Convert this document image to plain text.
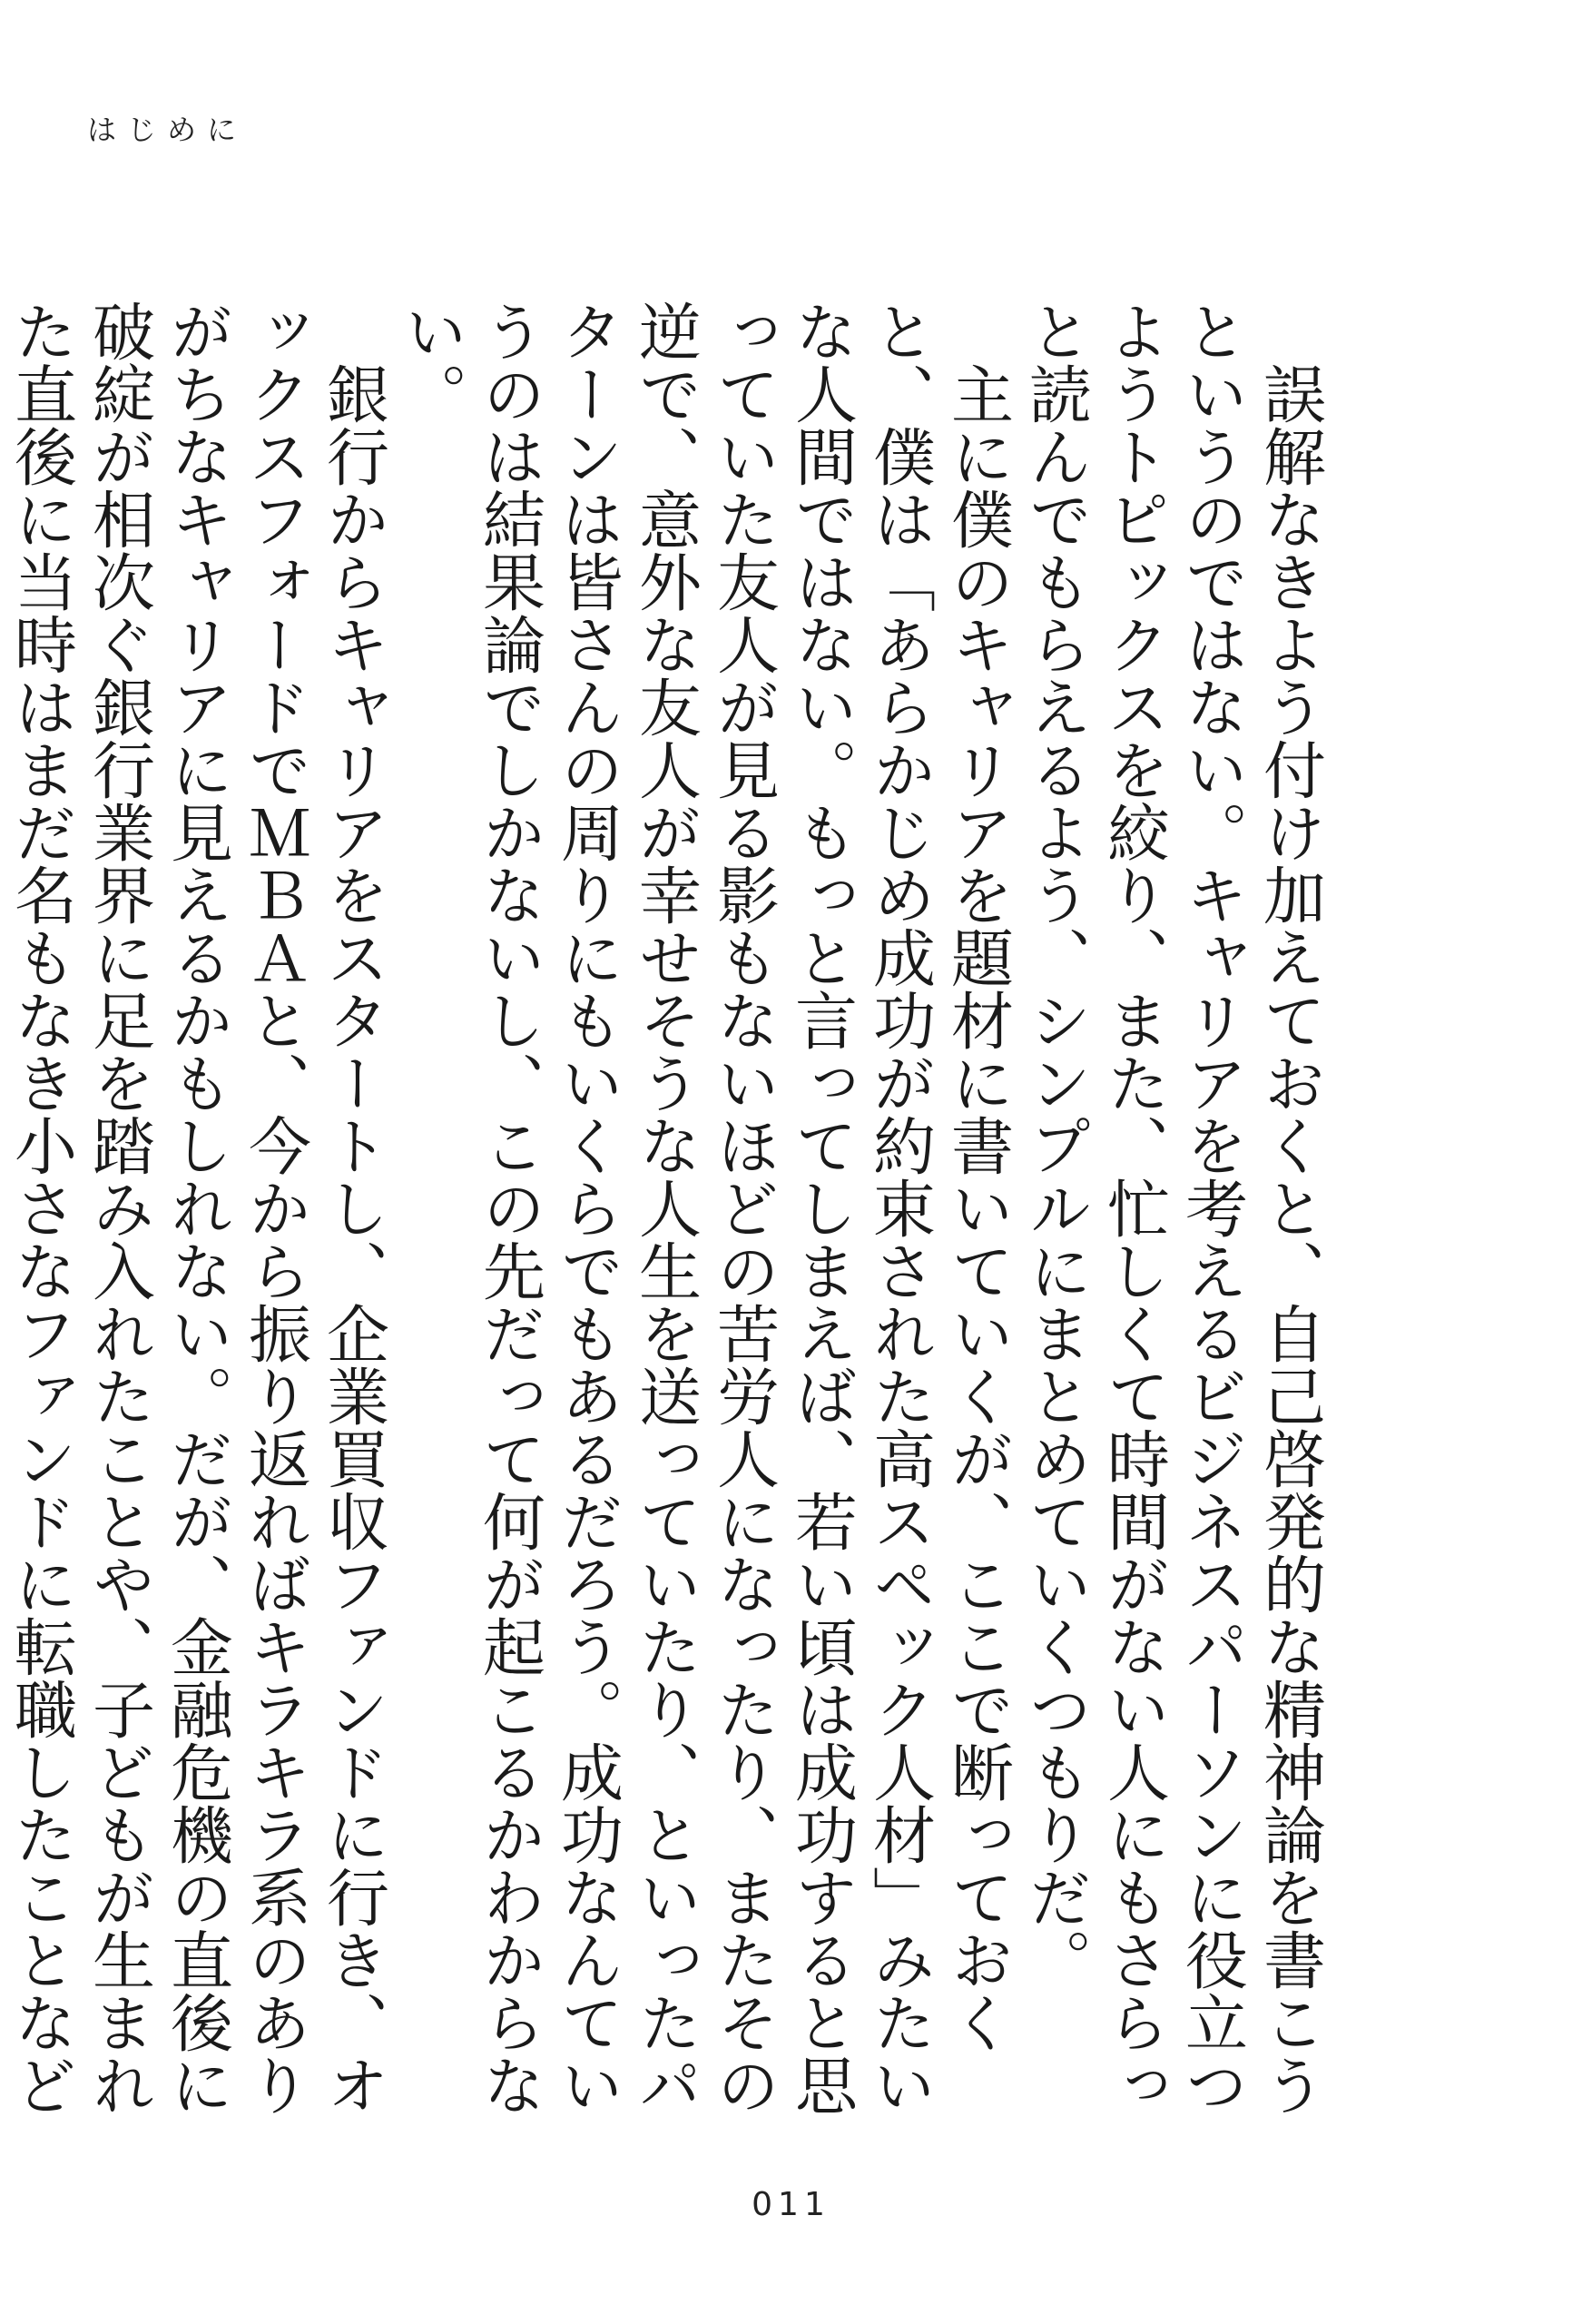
はじめに

誤解なきよう付け加えておくと、自己啓発的な精神論を書こうというのではない。キャリアを考えるビジネスパーソンに役立つようトピックスを絞り、また、忙しくて時間がない人にもさらっと読んでもらえるよう、シンプルにまとめていくつもりだ。

主に僕のキャリアを題材に書いていくが、ここで断っておくと、僕は「あらかじめ成功が約束された高スペック人材」みたいな人間ではない。もっと言ってしまえば、若い頃は成功すると思っていた友人が見る影もないほどの苦労人になったり、またその逆で、意外な友人が幸せそうな人生を送っていたり、といったパターンは皆さんの周りにもいくらでもあるだろう。成功なんていうのは結果論でしかないし、この先だって何が起こるかわからない。

銀行からキャリアをスタートし、企業買収ファンドに行き、オックスフォードでＭＢＡと、今から振り返ればキラキラ系のありがちなキャリアに見えるかもしれない。だが、金融危機の直後に破綻が相次ぐ銀行業界に足を踏み入れたことや、子どもが生まれた直後に当時はまだ名もなき小さなファンドに転職したことなど

011
